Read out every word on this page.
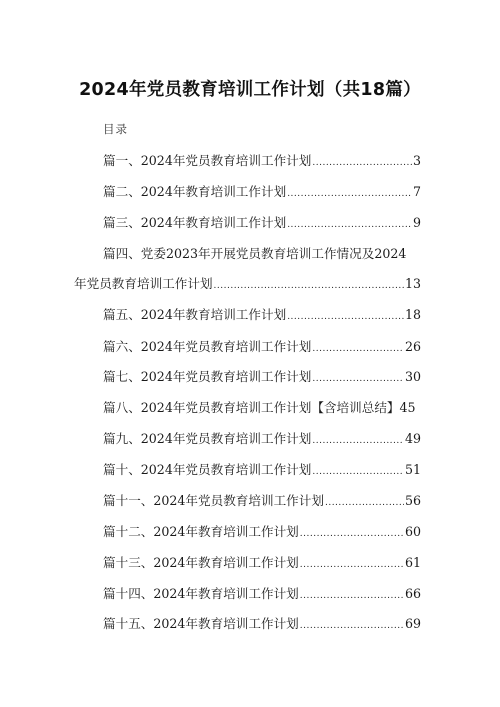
2024年党员教育培训工作计划（共18篇）
目录
篇一、2024年党员教育培训工作计划 .....	3
篇二、2024年教育培训工作计划 .....	7
篇三、2024年教育培训工作计划 .....	9
篇四、党委2023年开展党员教育培训工作情况及2024
年党员教育培训工作计划 .....	13
篇五、2024年教育培训工作计划 .....	18
篇六、2024年党员教育培训工作计划 .....	26
篇七、2024年党员教育培训工作计划 .....	30
篇八、2024年党员教育培训工作计划【含培训总结】45
篇九、2024年党员教育培训工作计划 .....	49
篇十、2024年党员教育培训工作计划 .....	51
篇十一、2024年党员教育培训工作计划 .....	56
篇十二、2024年教育培训工作计划 .....	60
篇十三、2024年教育培训工作计划 .....	61
篇十四、2024年教育培训工作计划 .....	66
篇十五、2024年教育培训工作计划 .....	69
